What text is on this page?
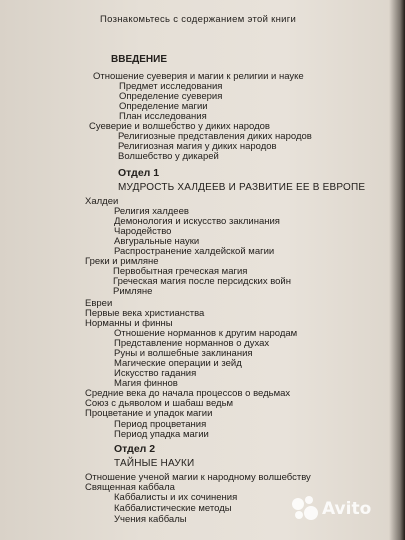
Познакомьтесь с содержанием этой книги
ВВЕДЕНИЕ
Отношение суеверия и магии к религии и науке
Предмет исследования
Определение суеверия
Определение магии
План исследования
Суеверие и волшебство у диких народов
Религиозные представления диких народов
Религиозная магия у диких народов
Волшебство у дикарей
Отдел 1
МУДРОСТЬ ХАЛДЕЕВ И РАЗВИТИЕ ЕЕ В ЕВРОПЕ
Халдеи
Религия халдеев
Демонология и искусство заклинания
Чародейство
Авгуральные науки
Распространение халдейской магии
Греки и римляне
Первобытная греческая магия
Греческая магия после персидских войн
Римляне
Евреи
Первые века христианства
Норманны и финны
Отношение норманнов к другим народам
Представление норманнов о духах
Руны и волшебные заклинания
Магические операции и зейд
Искусство гадания
Магия финнов
Средние века до начала процессов о ведьмах
Союз с дьяволом и шабаш ведьм
Процветание и упадок магии
Период процветания
Период упадка магии
Отдел 2
ТАЙНЫЕ НАУКИ
Отношение ученой магии к народному волшебству
Священная каббала
Каббалисты и их сочинения
Каббалистические методы
Учения каббалы
Avito
